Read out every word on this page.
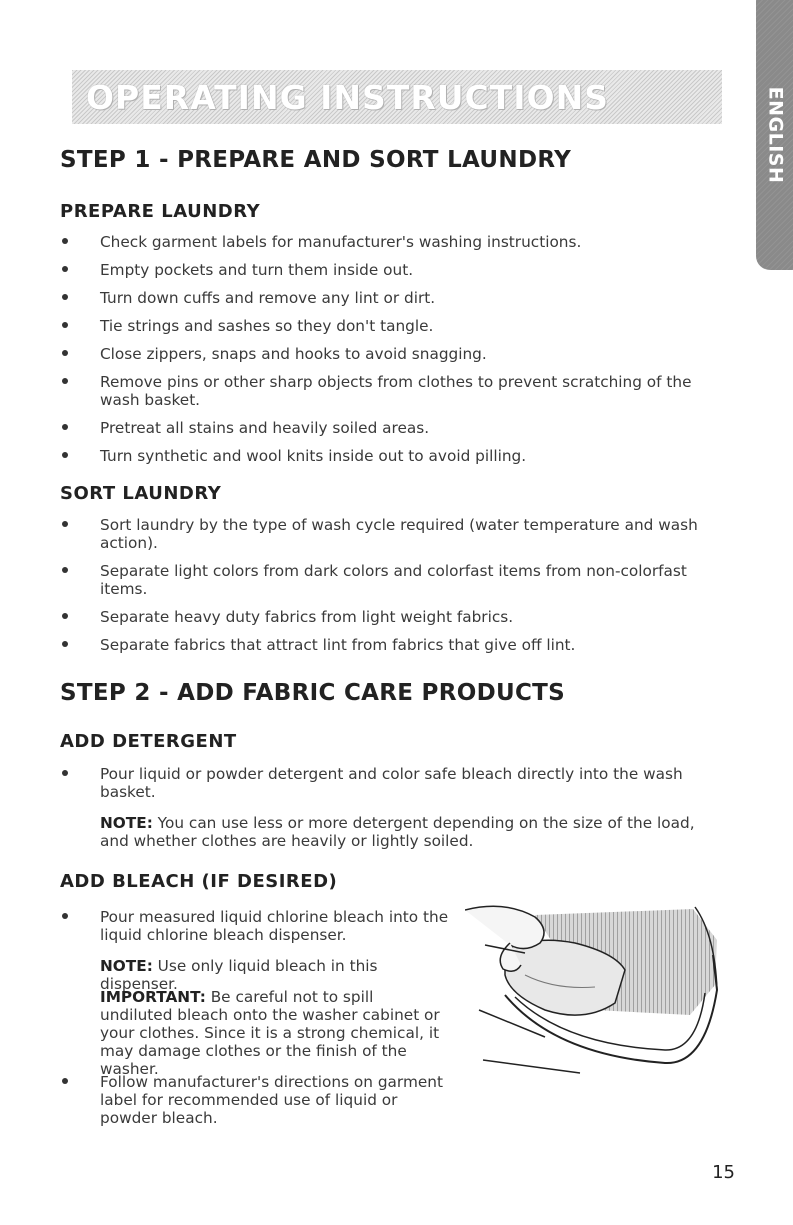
ENGLISH
OPERATING INSTRUCTIONS
STEP 1 - PREPARE AND SORT LAUNDRY
PREPARE LAUNDRY
Check garment labels for manufacturer's washing instructions.
Empty pockets and turn them inside out.
Turn down cuffs and remove any lint or dirt.
Tie strings and sashes so they don't tangle.
Close zippers, snaps and hooks to avoid snagging.
Remove pins or other sharp objects from clothes to prevent scratching of the wash basket.
Pretreat all stains and heavily soiled areas.
Turn synthetic and wool knits inside out to avoid pilling.
SORT LAUNDRY
Sort laundry by the type of wash cycle required (water temperature and wash action).
Separate light colors from dark colors and colorfast items from non-colorfast items.
Separate heavy duty fabrics from light weight fabrics.
Separate fabrics that attract lint from fabrics that give off lint.
STEP 2 - ADD FABRIC CARE PRODUCTS
ADD DETERGENT
Pour liquid or powder detergent and color safe bleach directly into the wash basket.

NOTE: You can use less or more detergent depending on the size of the load, and whether clothes are heavily or lightly soiled.

ADD BLEACH (IF DESIRED)
Pour measured liquid chlorine bleach into the liquid chlorine bleach dispenser.

NOTE: Use only liquid bleach in this dispenser.

IMPORTANT: Be careful not to spill undiluted bleach onto the washer cabinet or your clothes. Since it is a strong chemical, it may damage clothes or the finish of the washer.

Follow manufacturer's directions on garment label for recommended use of liquid or powder bleach.
15
